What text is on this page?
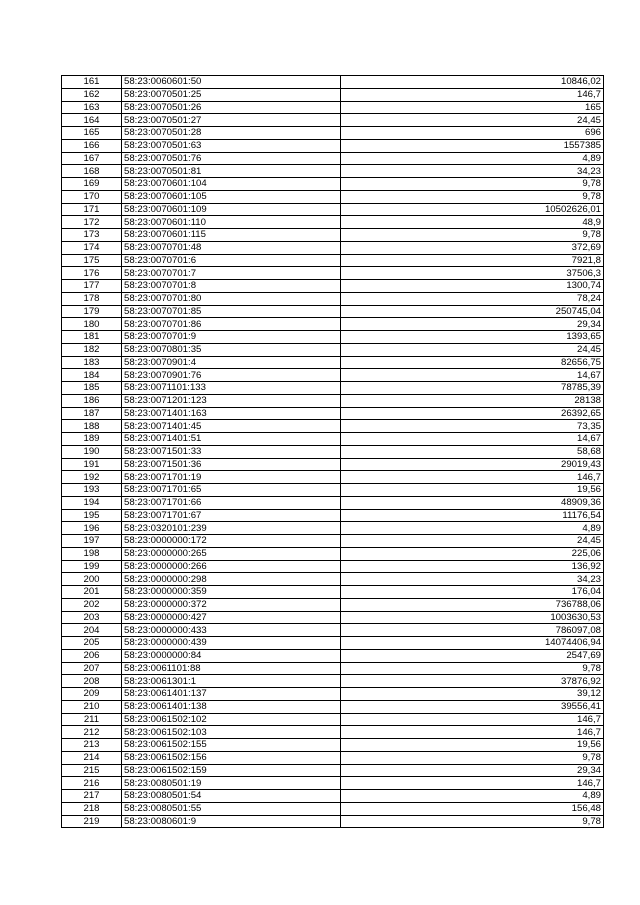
161	58:23:0060601:50	10846,02
162	58:23:0070501:25	146,7
163	58:23:0070501:26	165
164	58:23:0070501:27	24,45
165	58:23:0070501:28	696
166	58:23:0070501:63	1557385
167	58:23:0070501:76	4,89
168	58:23:0070501:81	34,23
169	58:23:0070601:104	9,78
170	58:23:0070601:105	9,78
171	58:23:0070601:109	10502626,01
172	58:23:0070601:110	48,9
173	58:23:0070601:115	9,78
174	58:23:0070701:48	372,69
175	58:23:0070701:6	7921,8
176	58:23:0070701:7	37506,3
177	58:23:0070701:8	1300,74
178	58:23:0070701:80	78,24
179	58:23:0070701:85	250745,04
180	58:23:0070701:86	29,34
181	58:23:0070701:9	1393,65
182	58:23:0070801:35	24,45
183	58:23:0070901:4	82656,75
184	58:23:0070901:76	14,67
185	58:23:0071101:133	78785,39
186	58:23:0071201:123	28138
187	58:23:0071401:163	26392,65
188	58:23:0071401:45	73,35
189	58:23:0071401:51	14,67
190	58:23:0071501:33	58,68
191	58:23:0071501:36	29019,43
192	58:23:0071701:19	146,7
193	58:23:0071701:65	19,56
194	58:23:0071701:66	48909,36
195	58:23:0071701:67	11176,54
196	58:23:0320101:239	4,89
197	58:23:0000000:172	24,45
198	58:23:0000000:265	225,06
199	58:23:0000000:266	136,92
200	58:23:0000000:298	34,23
201	58:23:0000000:359	176,04
202	58:23:0000000:372	736788,06
203	58:23:0000000:427	1003630,53
204	58:23:0000000:433	786097,08
205	58:23:0000000:439	14074406,94
206	58:23:0000000:84	2547,69
207	58:23:0061101:88	9,78
208	58:23:0061301:1	37876,92
209	58:23:0061401:137	39,12
210	58:23:0061401:138	39556,41
211	58:23:0061502:102	146,7
212	58:23:0061502:103	146,7
213	58:23:0061502:155	19,56
214	58:23:0061502:156	9,78
215	58:23:0061502:159	29,34
216	58:23:0080501:19	146,7
217	58:23:0080501:54	4,89
218	58:23:0080501:55	156,48
219	58:23:0080601:9	9,78
